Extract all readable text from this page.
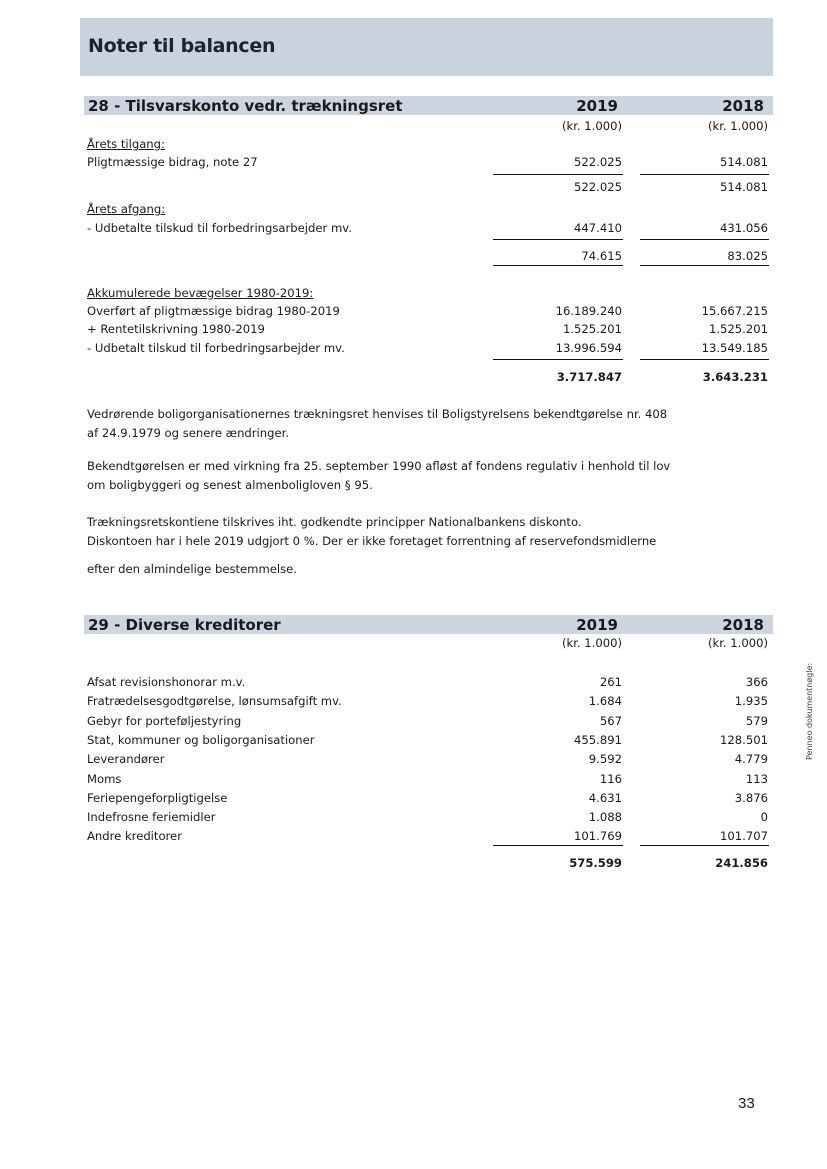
Noter til balancen
28 - Tilsvarskonto vedr. trækningsret	2019	2018
(kr. 1.000)	(kr. 1.000)
Årets tilgang:
Pligtmæssige bidrag, note 27	522.025	514.081
522.025	514.081
Årets afgang:
- Udbetalte tilskud til forbedringsarbejder mv.	447.410	431.056
74.615	83.025
Akkumulerede bevægelser 1980-2019:
Overført af pligtmæssige bidrag 1980-2019	16.189.240	15.667.215
+ Rentetilskrivning 1980-2019	1.525.201	1.525.201
- Udbetalt tilskud til forbedringsarbejder mv.	13.996.594	13.549.185
3.717.847	3.643.231
Vedrørende boligorganisationernes trækningsret henvises til Boligstyrelsens bekendtgørelse nr. 408
af 24.9.1979 og senere ændringer.
Bekendtgørelsen er med virkning fra 25. september 1990 afløst af fondens regulativ i henhold til lov
om boligbyggeri og senest almenboligloven § 95.
Trækningsretskontiene tilskrives iht. godkendte principper Nationalbankens diskonto.
Diskontoen har i hele 2019 udgjort 0 %. Der er ikke foretaget forrentning af reservefondsmidlerne
efter den almindelige bestemmelse.
29 - Diverse kreditorer	2019	2018
(kr. 1.000)	(kr. 1.000)
Afsat revisionshonorar m.v.	261	366
Fratrædelsesgodtgørelse, lønsumsafgift mv.	1.684	1.935
Gebyr for porteføljestyring	567	579
Stat, kommuner og boligorganisationer	455.891	128.501
Leverandører	9.592	4.779
Moms	116	113
Feriepengeforpligtigelse	4.631	3.876
Indefrosne feriemidler	1.088	0
Andre kreditorer	101.769	101.707
575.599	241.856
33
Penneo dokumentnøgle:
